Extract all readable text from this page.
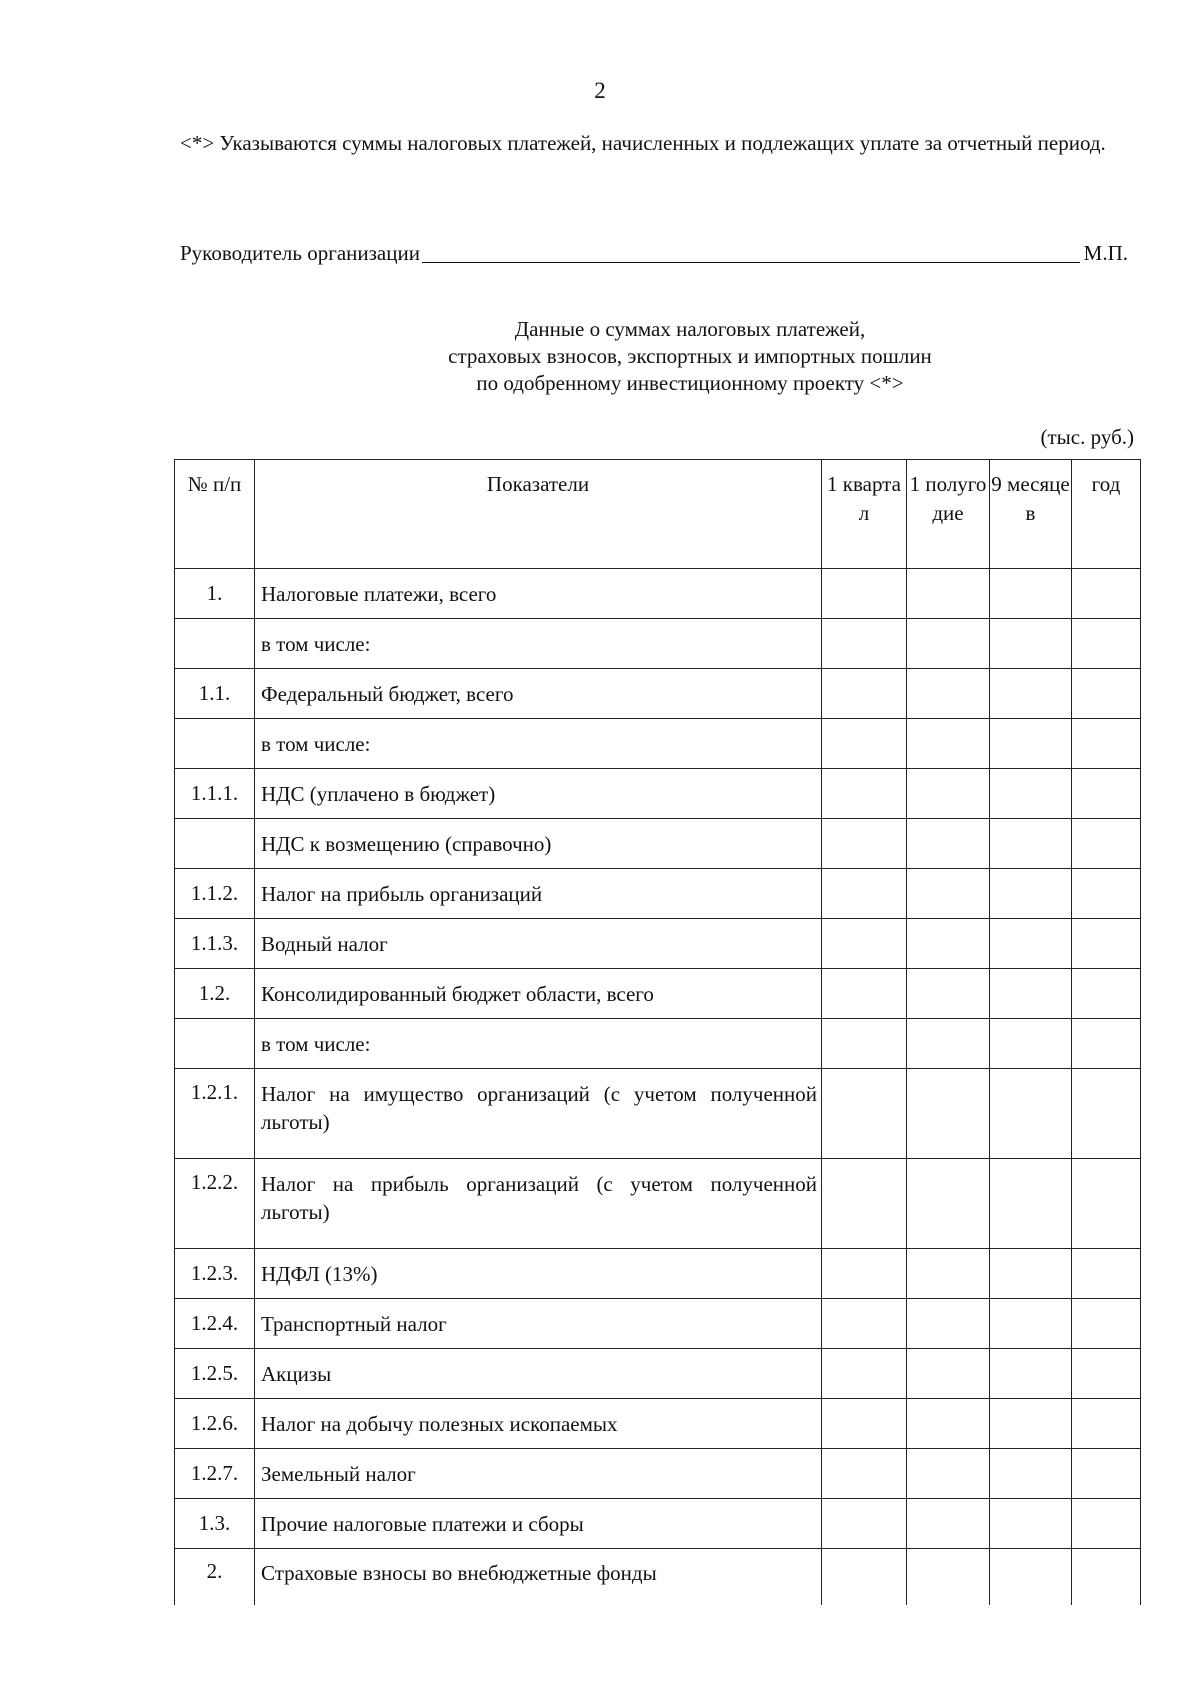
2
<*> Указываются суммы налоговых платежей, начисленных и подлежащих уплате за отчетный период.
Руководитель организации	М.П.
Данные о суммах налоговых платежей,
страховых взносов, экспортных и импортных пошлин
по одобренному инвестиционному проекту <*>
(тыс. руб.)
№ п/п	Показатели	1 кварта л	1 полуго дие	9 месяце в	год
1.	Налоговые платежи, всего				
	в том числе:				
1.1.	Федеральный бюджет, всего				
	в том числе:				
1.1.1.	НДС (уплачено в бюджет)				
	НДС к возмещению (справочно)				
1.1.2.	Налог на прибыль организаций				
1.1.3.	Водный налог				
1.2.	Консолидированный бюджет области, всего				
	в том числе:				
1.2.1.	Налог на имущество организаций (с учетом полученной льготы)				
1.2.2.	Налог на прибыль организаций (с учетом полученной льготы)				
1.2.3.	НДФЛ (13%)				
1.2.4.	Транспортный налог				
1.2.5.	Акцизы				
1.2.6.	Налог на добычу полезных ископаемых				
1.2.7.	Земельный налог				
1.3.	Прочие налоговые платежи и сборы				
2.	Страховые взносы во внебюджетные фонды				
